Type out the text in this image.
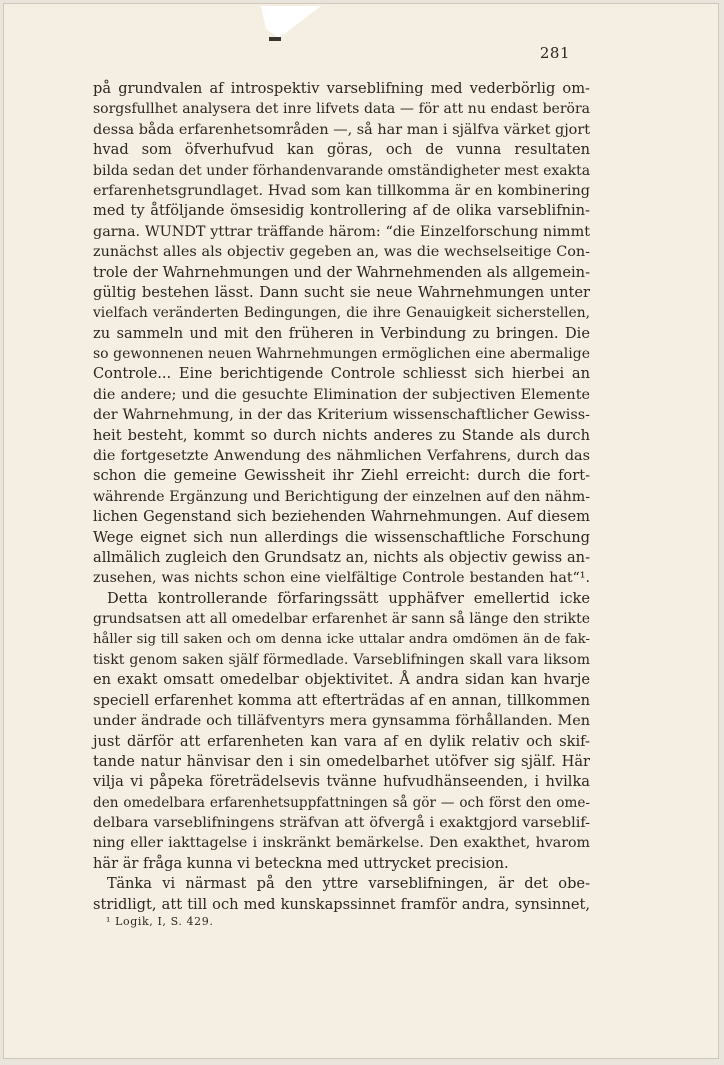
281
på grundvalen af introspektiv varseblifning med vederbörlig om-
sorgsfullhet analysera det inre lifvets data — för att nu endast beröra
dessa båda erfarenhetsområden —, så har man i själfva värket gjort
hvad som öfverhufvud kan göras, och de vunna resultaten
bilda sedan det under förhandenvarande omständigheter mest exakta
erfarenhetsgrundlaget. Hvad som kan tillkomma är en kombinering
med ty åtföljande ömsesidig kontrollering af de olika varseblifnin-
garna. WUNDT yttrar träffande härom: “die Einzelforschung nimmt
zunächst alles als objectiv gegeben an, was die wechselseitige Con-
trole der Wahrnehmungen und der Wahrnehmenden als allgemein-
gültig bestehen lässt. Dann sucht sie neue Wahrnehmungen unter
vielfach veränderten Bedingungen, die ihre Genauigkeit sicherstellen,
zu sammeln und mit den früheren in Verbindung zu bringen. Die
so gewonnenen neuen Wahrnehmungen ermöglichen eine abermalige
Controle... Eine berichtigende Controle schliesst sich hierbei an
die andere; und die gesuchte Elimination der subjectiven Elemente
der Wahrnehmung, in der das Kriterium wissenschaftlicher Gewiss-
heit besteht, kommt so durch nichts anderes zu Stande als durch
die fortgesetzte Anwendung des nähmlichen Verfahrens, durch das
schon die gemeine Gewissheit ihr Ziehl erreicht: durch die fort-
währende Ergänzung und Berichtigung der einzelnen auf den nähm-
lichen Gegenstand sich beziehenden Wahrnehmungen. Auf diesem
Wege eignet sich nun allerdings die wissenschaftliche Forschung
allmälich zugleich den Grundsatz an, nichts als objectiv gewiss an-
zusehen, was nichts schon eine vielfältige Controle bestanden hat“¹.
Detta kontrollerande förfaringssätt upphäfver emellertid icke
grundsatsen att all omedelbar erfarenhet är sann så länge den strikte
håller sig till saken och om denna icke uttalar andra omdömen än de fak-
tiskt genom saken själf förmedlade. Varseblifningen skall vara liksom
en exakt omsatt omedelbar objektivitet. Å andra sidan kan hvarje
speciell erfarenhet komma att efterträdas af en annan, tillkommen
under ändrade och tilläfventyrs mera gynsamma förhållanden. Men
just därför att erfarenheten kan vara af en dylik relativ och skif-
tande natur hänvisar den i sin omedelbarhet utöfver sig själf. Här
vilja vi påpeka företrädelsevis tvänne hufvudhänseenden, i hvilka
den omedelbara erfarenhetsuppfattningen så gör — och först den ome-
delbara varseblifningens sträfvan att öfvergå i exaktgjord varseblif-
ning eller iakttagelse i inskränkt bemärkelse. Den exakthet, hvarom
här är fråga kunna vi beteckna med uttrycket precision.
Tänka vi närmast på den yttre varseblifningen, är det obe-
stridligt, att till och med kunskapssinnet framför andra, synsinnet,
¹ Logik, I, S. 429.
